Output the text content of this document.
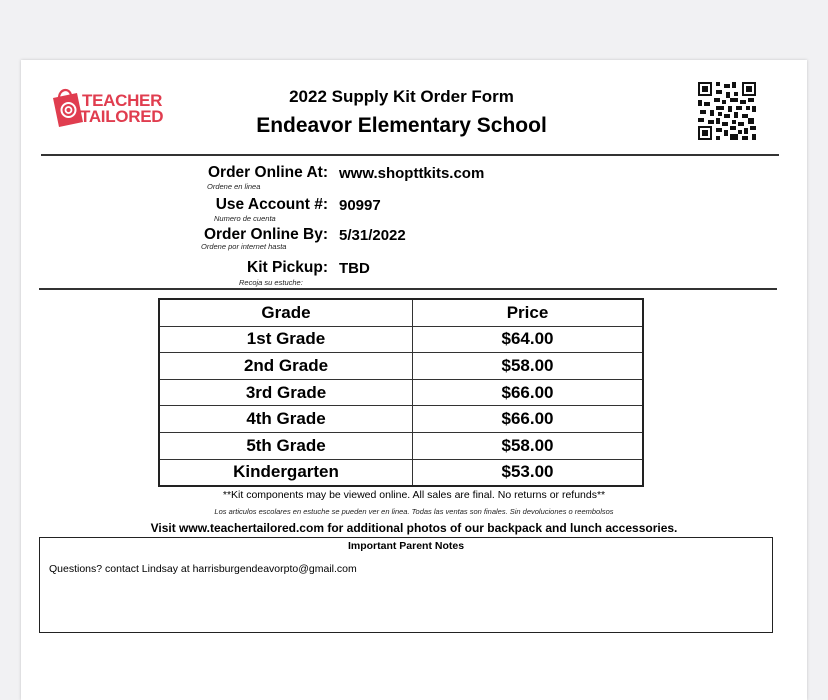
TEACHER
TAILORED
2022 Supply Kit Order Form
Endeavor Elementary School
Order Online At: www.shopttkits.com
Ordene en linea
Use Account #: 90997
Numero de cuenta
Order Online By: 5/31/2022
Ordene por internet hasta
Kit Pickup: TBD
Recoja su estuche:
Grade	Price
1st Grade	$64.00
2nd Grade	$58.00
3rd Grade	$66.00
4th Grade	$66.00
5th Grade	$58.00
Kindergarten	$53.00
**Kit components may be viewed online. All sales are final. No returns or refunds**
Los articulos escolares en estuche se pueden ver en linea. Todas las ventas son finales. Sin devoluciones o reembolsos
Visit www.teachertailored.com for additional photos of our backpack and lunch accessories.
Important Parent Notes
Questions? contact Lindsay at harrisburgendeavorpto@gmail.com
